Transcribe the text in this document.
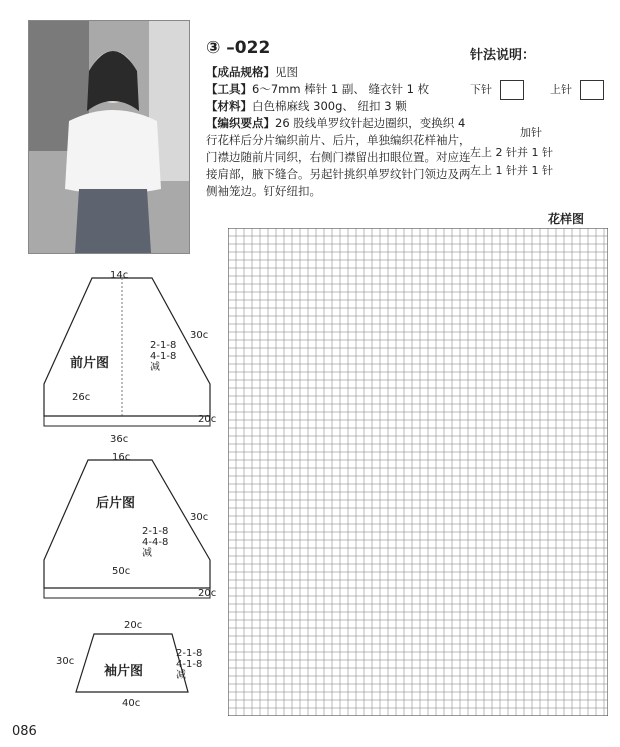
③ –022
【成品规格】见图
【工具】6～7mm 棒针 1 副、 缝衣针 1 枚
【材料】白色棉麻线 300g、 纽扣 3 颗
【编织要点】26 股线单罗纹针起边圈织，变换织 4 行花样后分片编织前片、后片，单独编织花样袖片，门襟边随前片同织，右侧门襟留出扣眼位置。对应连接肩部，腋下缝合。另起针挑织单罗纹针门领边及两侧袖笼边。钉好纽扣。
针法说明：
下针	上针
加针
左上 2 针并 1 针
左上 1 针并 1 针
花样图
14c
前片图
30c
26c
36c
20c
2-1-8
4-1-8
减
16c
后片图
30c
50c
20c
2-1-8
4-4-8
减
20c
袖片图
30c
40c
2-1-8
4-1-8
减
086
